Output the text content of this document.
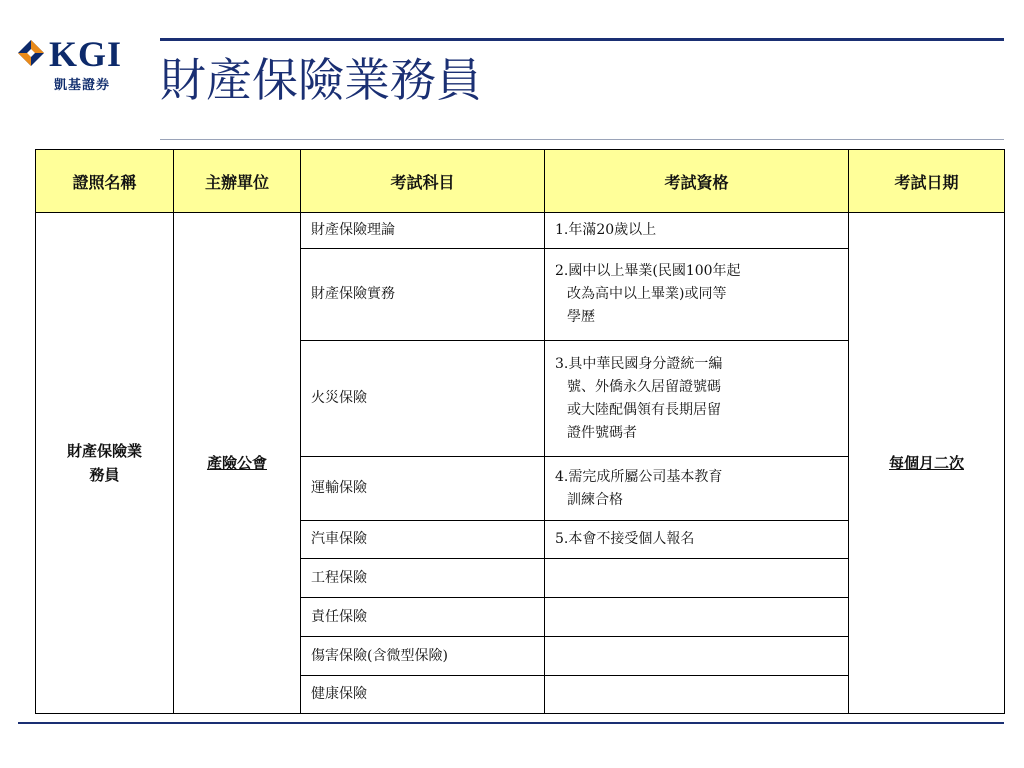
KGI
凱基證券 財產保險業務員
證照名稱	主辦單位	考試科目	考試資格	考試日期
財產保險業
務員	產險公會	財產保險理論	1.年滿20歲以上	每個月二次
		財產保險實務	2.國中以上畢業(民國100年起
改為高中以上畢業)或同等
學歷	

		火災保險	3.具中華民國身分證統一編
號、外僑永久居留證號碼
或大陸配偶領有長期居留
證件號碼者	

		運輸保險	4.需完成所屬公司基本教育
訓練合格	

		汽車保險	5.本會不接受個人報名	

		工程保險		

		責任保險		

		傷害保險(含微型保險)		

		健康保險		
